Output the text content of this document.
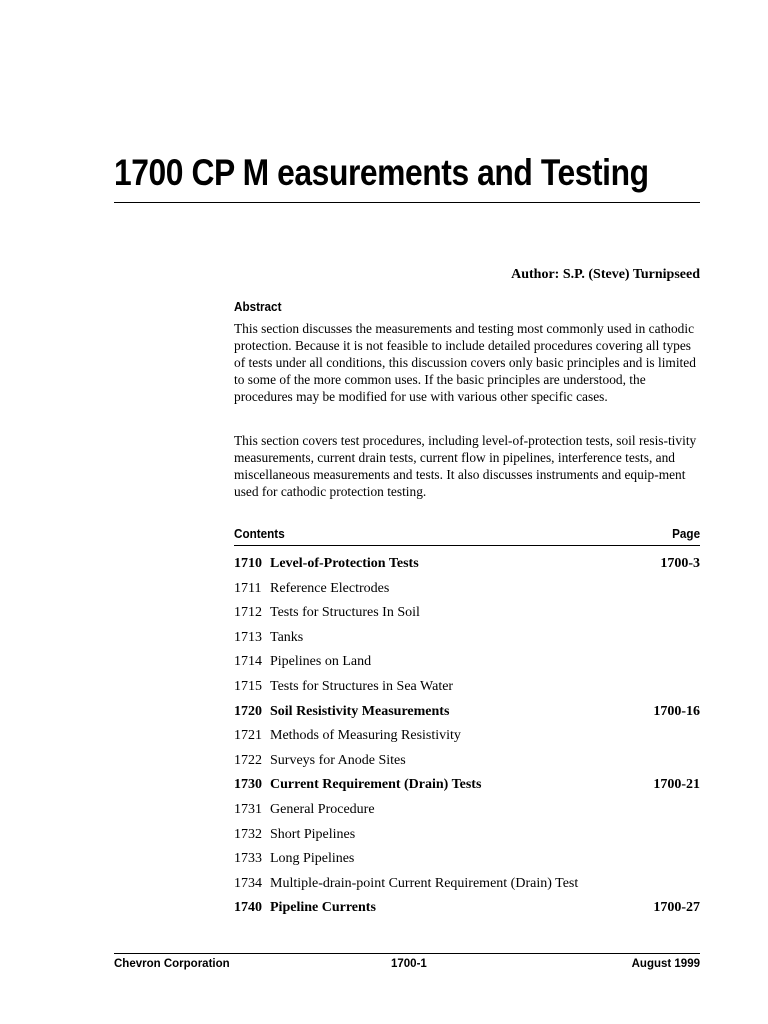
1700 CP M easurements and Testing
Author: S.P. (Steve) Turnipseed
Abstract

This section discusses the measurements and testing most commonly used in cathodic protection. Because it is not feasible to include detailed procedures covering all types of tests under all conditions, this discussion covers only basic principles and is limited to some of the more common uses. If the basic principles are understood, the procedures may be modified for use with various other specific cases.

This section covers test procedures, including level-of-protection tests, soil resis-tivity measurements, current drain tests, current flow in pipelines, interference tests, and miscellaneous measurements and tests. It also discusses instruments and equip-ment used for cathodic protection testing.

Contents	Page
1710 Level-of-Protection Tests	1700-3
1711 Reference Electrodes
1712 Tests for Structures In Soil
1713 Tanks
1714 Pipelines on Land
1715 Tests for Structures in Sea Water
1720 Soil Resistivity Measurements	1700-16
1721 Methods of Measuring Resistivity
1722 Surveys for Anode Sites
1730 Current Requirement (Drain) Tests	1700-21
1731 General Procedure
1732 Short Pipelines
1733 Long Pipelines
1734 Multiple-drain-point Current Requirement (Drain) Test
1740 Pipeline Currents	1700-27
Chevron Corporation	1700-1	August 1999
